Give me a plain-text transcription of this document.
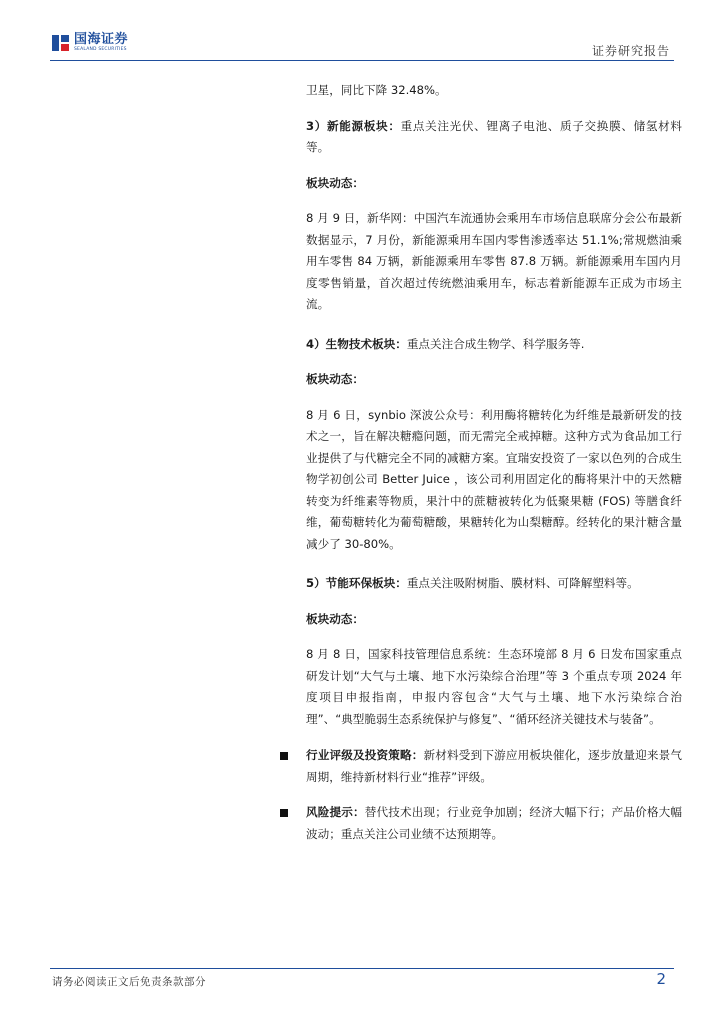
国海证券
SEALAND SECURITIES	证券研究报告

卫星，同比下降 32.48%。

3）新能源板块：重点关注光伏、锂离子电池、质子交换膜、储氢材料等。

板块动态：

8 月 9 日，新华网：中国汽车流通协会乘用车市场信息联席分会公布最新数据显示，7 月份，新能源乘用车国内零售渗透率达 51.1%;常规燃油乘用车零售 84 万辆，新能源乘用车零售 87.8 万辆。新能源乘用车国内月度零售销量，首次超过传统燃油乘用车，标志着新能源车正成为市场主流。

4）生物技术板块：重点关注合成生物学、科学服务等.

板块动态：

8 月 6 日，synbio 深波公众号：利用酶将糖转化为纤维是最新研发的技术之一，旨在解决糖瘾问题，而无需完全戒掉糖。这种方式为食品加工行业提供了与代糖完全不同的减糖方案。宜瑞安投资了一家以色列的合成生物学初创公司 Better Juice ，该公司利用固定化的酶将果汁中的天然糖转变为纤维素等物质，果汁中的蔗糖被转化为低聚果糖 (FOS) 等膳食纤维，葡萄糖转化为葡萄糖酸，果糖转化为山梨糖醇。经转化的果汁糖含量减少了 30-80%。

5）节能环保板块：重点关注吸附树脂、膜材料、可降解塑料等。

板块动态：

8 月 8 日，国家科技管理信息系统：生态环境部 8 月 6 日发布国家重点研发计划“大气与土壤、地下水污染综合治理”等 3 个重点专项 2024 年度项目申报指南，申报内容包含“大气与土壤、地下水污染综合治理”、“典型脆弱生态系统保护与修复”、“循环经济关键技术与装备”。

行业评级及投资策略：新材料受到下游应用板块催化，逐步放量迎来景气周期，维持新材料行业“推荐”评级。
风险提示：替代技术出现；行业竞争加剧；经济大幅下行；产品价格大幅波动；重点关注公司业绩不达预期等。
请务必阅读正文后免责条款部分	2
